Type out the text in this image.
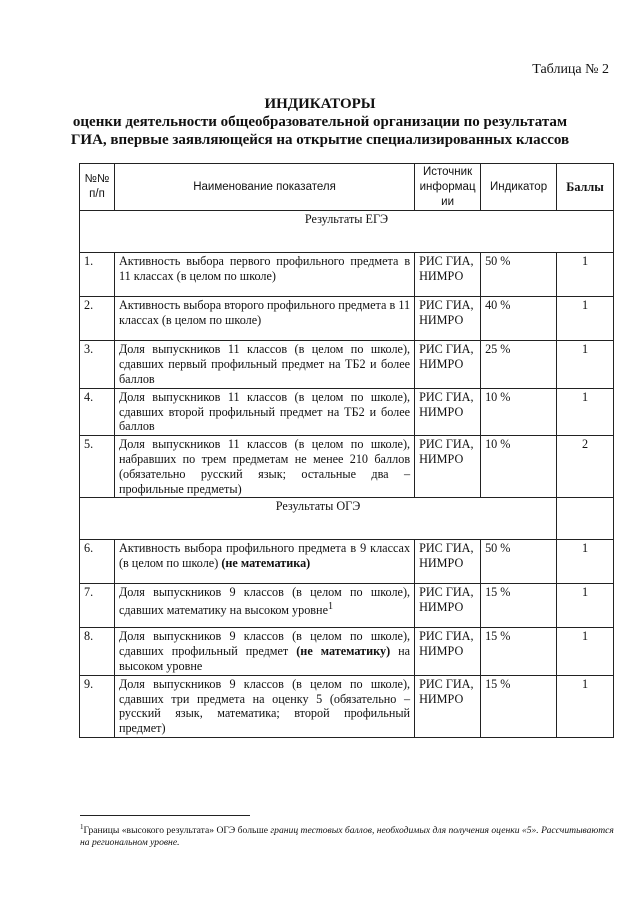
Таблица № 2
ИНДИКАТОРЫ
оценки деятельности общеобразовательной организации по результатам
ГИА, впервые заявляющейся на открытие специализированных классов
№№ п/п	Наименование показателя	Источник информац ии	Индикатор	Баллы
Результаты ЕГЭ				
1.	Активность выбора первого профильного предмета в 11 классах (в целом по школе)	РИС ГИА, НИМРО	50 %	1
2.	Активность выбора второго профильного предмета в 11 классах (в целом по школе)	РИС ГИА, НИМРО	40 %	1
3.	Доля выпускников 11 классов (в целом по школе), сдавших первый профильный предмет на ТБ2 и более баллов	РИС ГИА, НИМРО	25 %	1
4.	Доля выпускников 11 классов (в целом по школе), сдавших второй профильный предмет на ТБ2 и более баллов	РИС ГИА, НИМРО	10 %	1
5.	Доля выпускников 11 классов (в целом по школе), набравших по трем предметам не менее 210 баллов (обязательно русский язык; остальные два – профильные предметы)	РИС ГИА, НИМРО	10 %	2
Результаты ОГЭ				
6.	Активность выбора профильного предмета в 9 классах (в целом по школе) (не математика)	РИС ГИА, НИМРО	50 %	1
7.	Доля выпускников 9 классов (в целом по школе), сдавших математику на высоком уровне$^1$	РИС ГИА, НИМРО	15 %	1
8.	Доля выпускников 9 классов (в целом по школе), сдавших профильный предмет (не математику) на высоком уровне	РИС ГИА, НИМРО	15 %	1
9.	Доля выпускников 9 классов (в целом по школе), сдавших три предмета на оценку 5 (обязательно – русский язык, математика; второй профильный предмет)	РИС ГИА, НИМРО	15 %	1
$^1$Границы «высокого результата» ОГЭ больше границ тестовых баллов, необходимых для получения оценки «5». Рассчитываются на региональном уровне.
